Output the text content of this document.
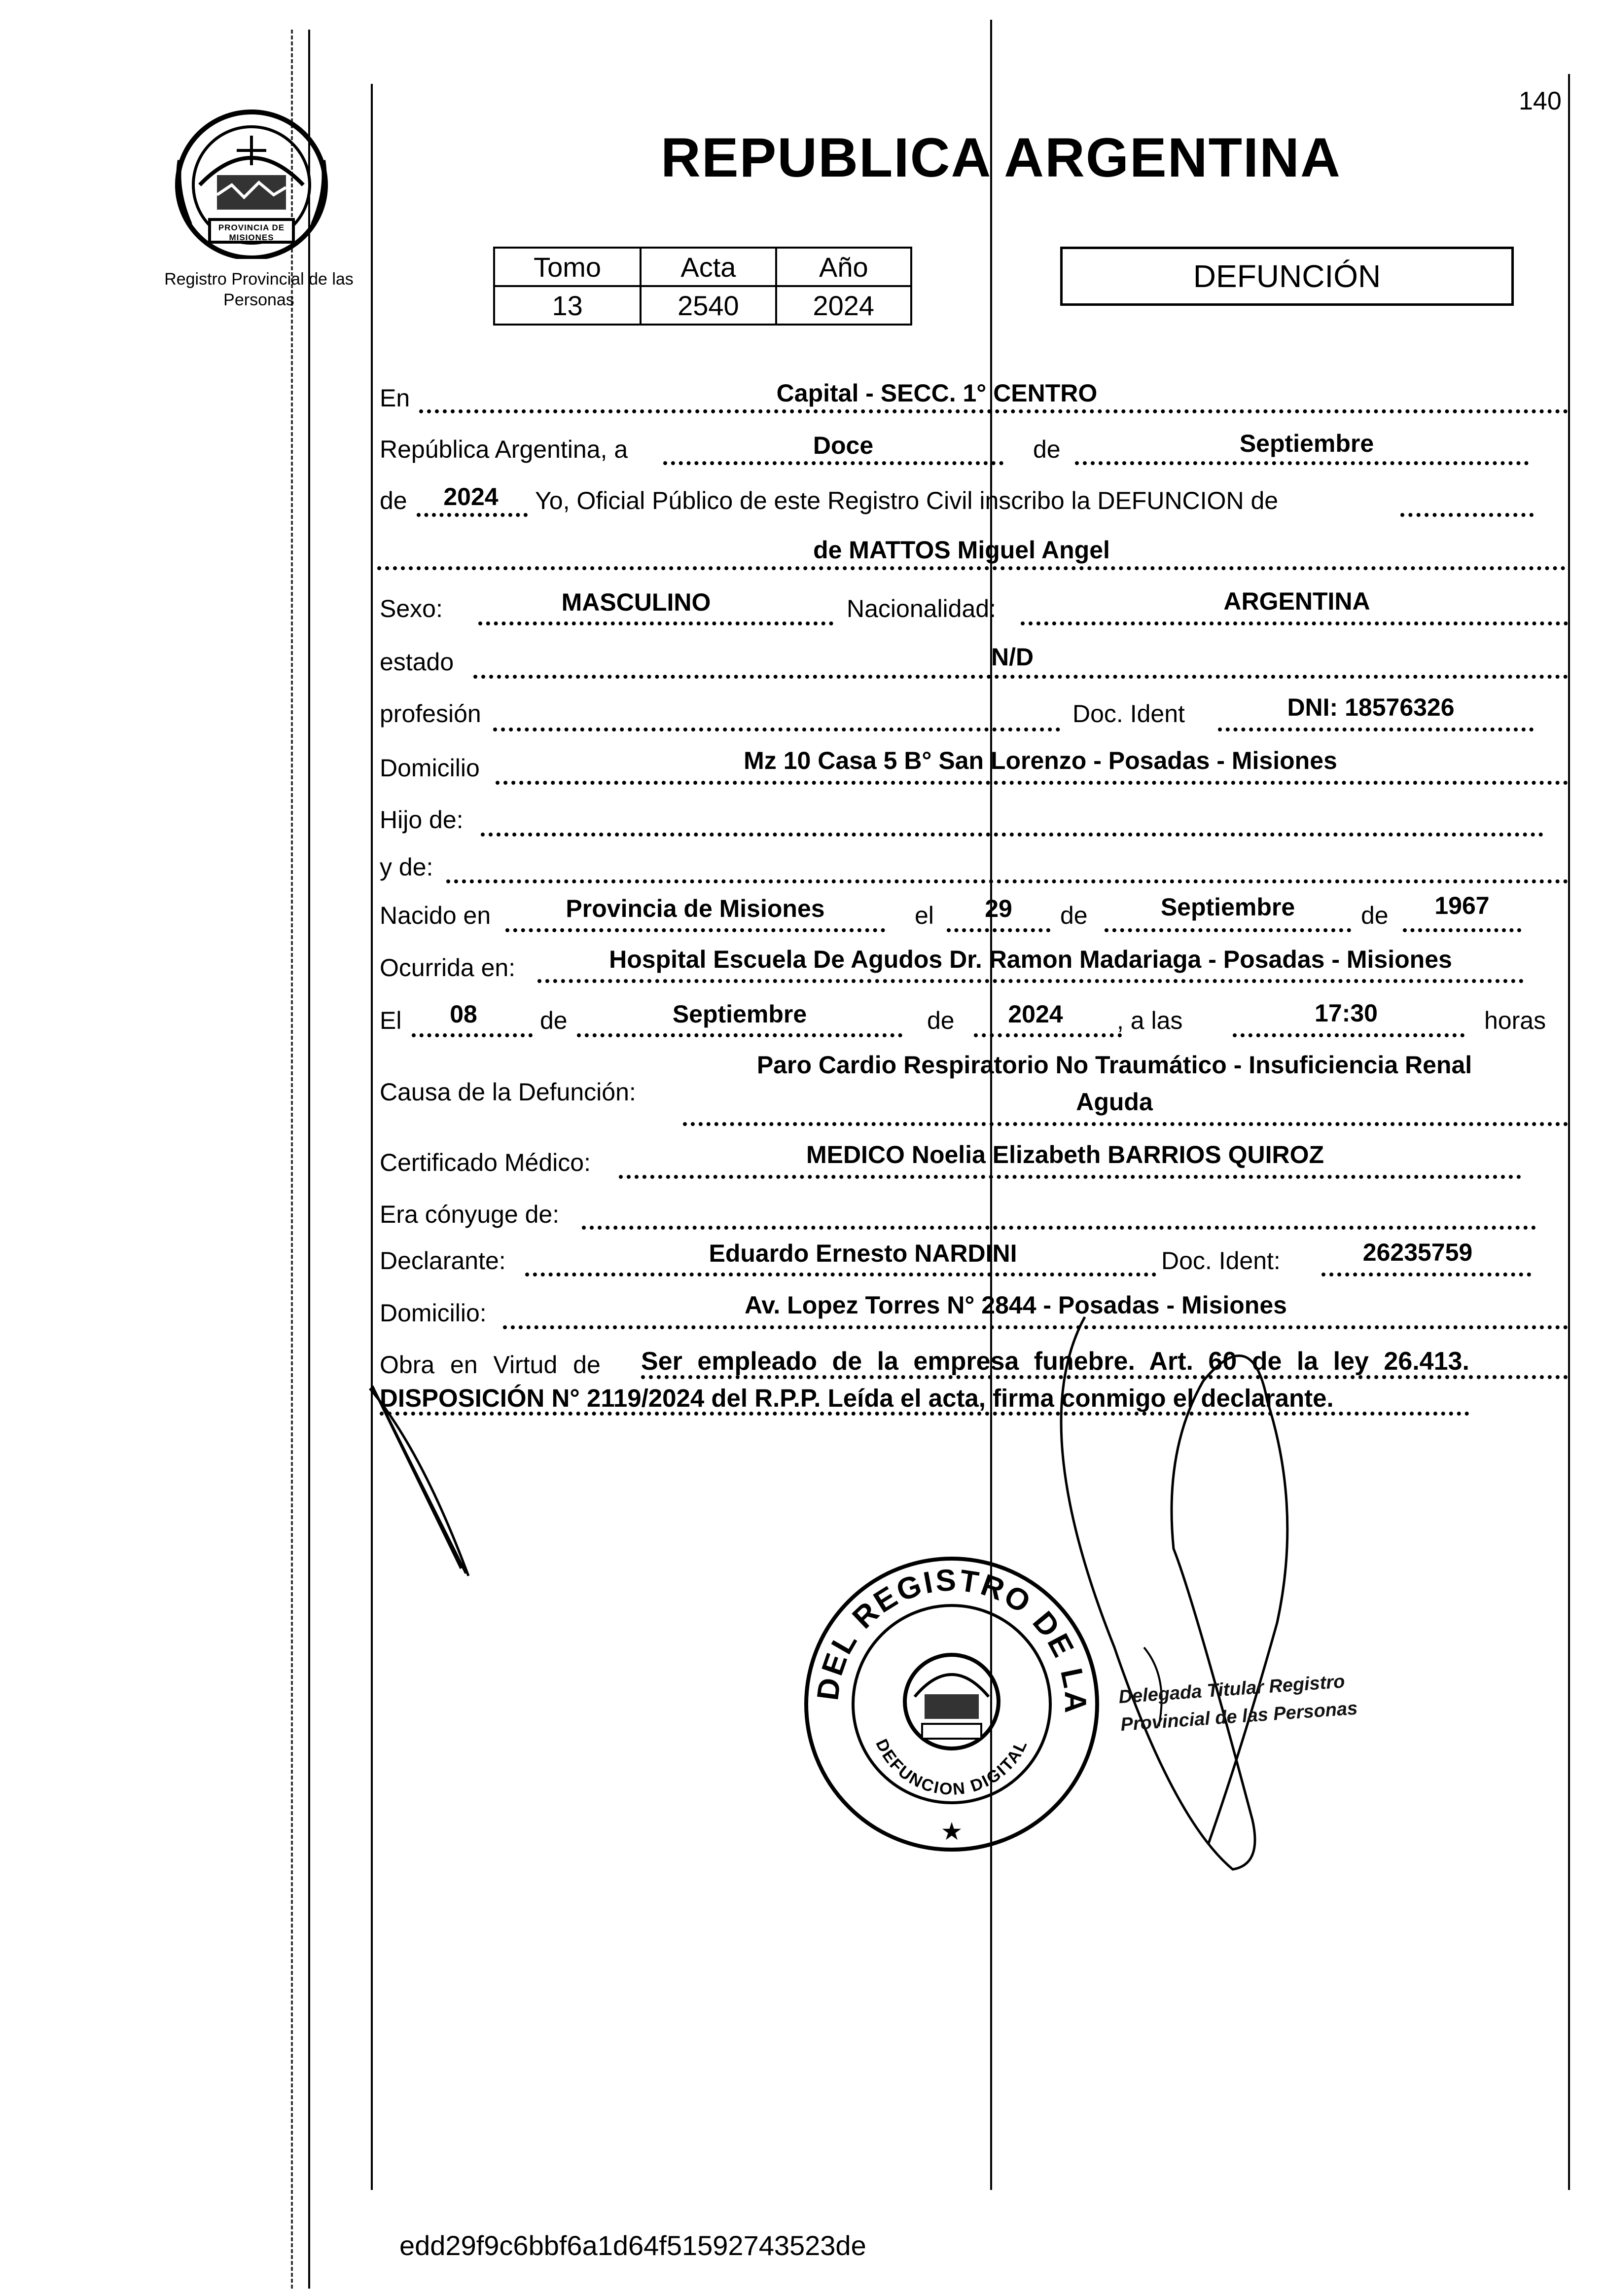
140
PROVINCIA DE MISIONES
Registro Provincial de las Personas
REPUBLICA ARGENTINA
Tomo	Acta	Año
13	2540	2024
DEFUNCIÓN
En	Capital - SECC. 1° CENTRO
República Argentina, a	Doce	de	Septiembre
de	2024	Yo, Oficial Público de este Registro Civil inscribo la DEFUNCION de
de MATTOS Miguel Angel
Sexo:	MASCULINO	Nacionalidad:	ARGENTINA
estado	N/D
profesión	Doc. Ident	DNI: 18576326
Domicilio	Mz 10 Casa 5 B° San Lorenzo - Posadas - Misiones
Hijo de:
y de:
Nacido en	Provincia de Misiones	el	29	de	Septiembre	de	1967
Ocurrida en:	Hospital Escuela De Agudos Dr. Ramon Madariaga - Posadas - Misiones
El	08	de	Septiembre	de	2024	, a las	17:30	horas
Causa de la Defunción:
Paro Cardio Respiratorio No Traumático - Insuficiencia Renal
Aguda
Certificado Médico:	MEDICO Noelia Elizabeth BARRIOS QUIROZ
Era cónyuge de:
Declarante:	Eduardo Ernesto NARDINI	Doc. Ident:	26235759
Domicilio:	Av. Lopez Torres N° 2844 - Posadas - Misiones
Obra en Virtud de Ser empleado de la empresa funebre. Art. 60 de la ley 26.413.
DISPOSICIÓN N° 2119/2024 del R.P.P. Leída el acta, firma conmigo el declarante.
DEL REGISTRO DE LA
DEFUNCION DIGITAL
★
Delegada Titular Registro Provincial de las Personas
edd29f9c6bbf6a1d64f51592743523de
